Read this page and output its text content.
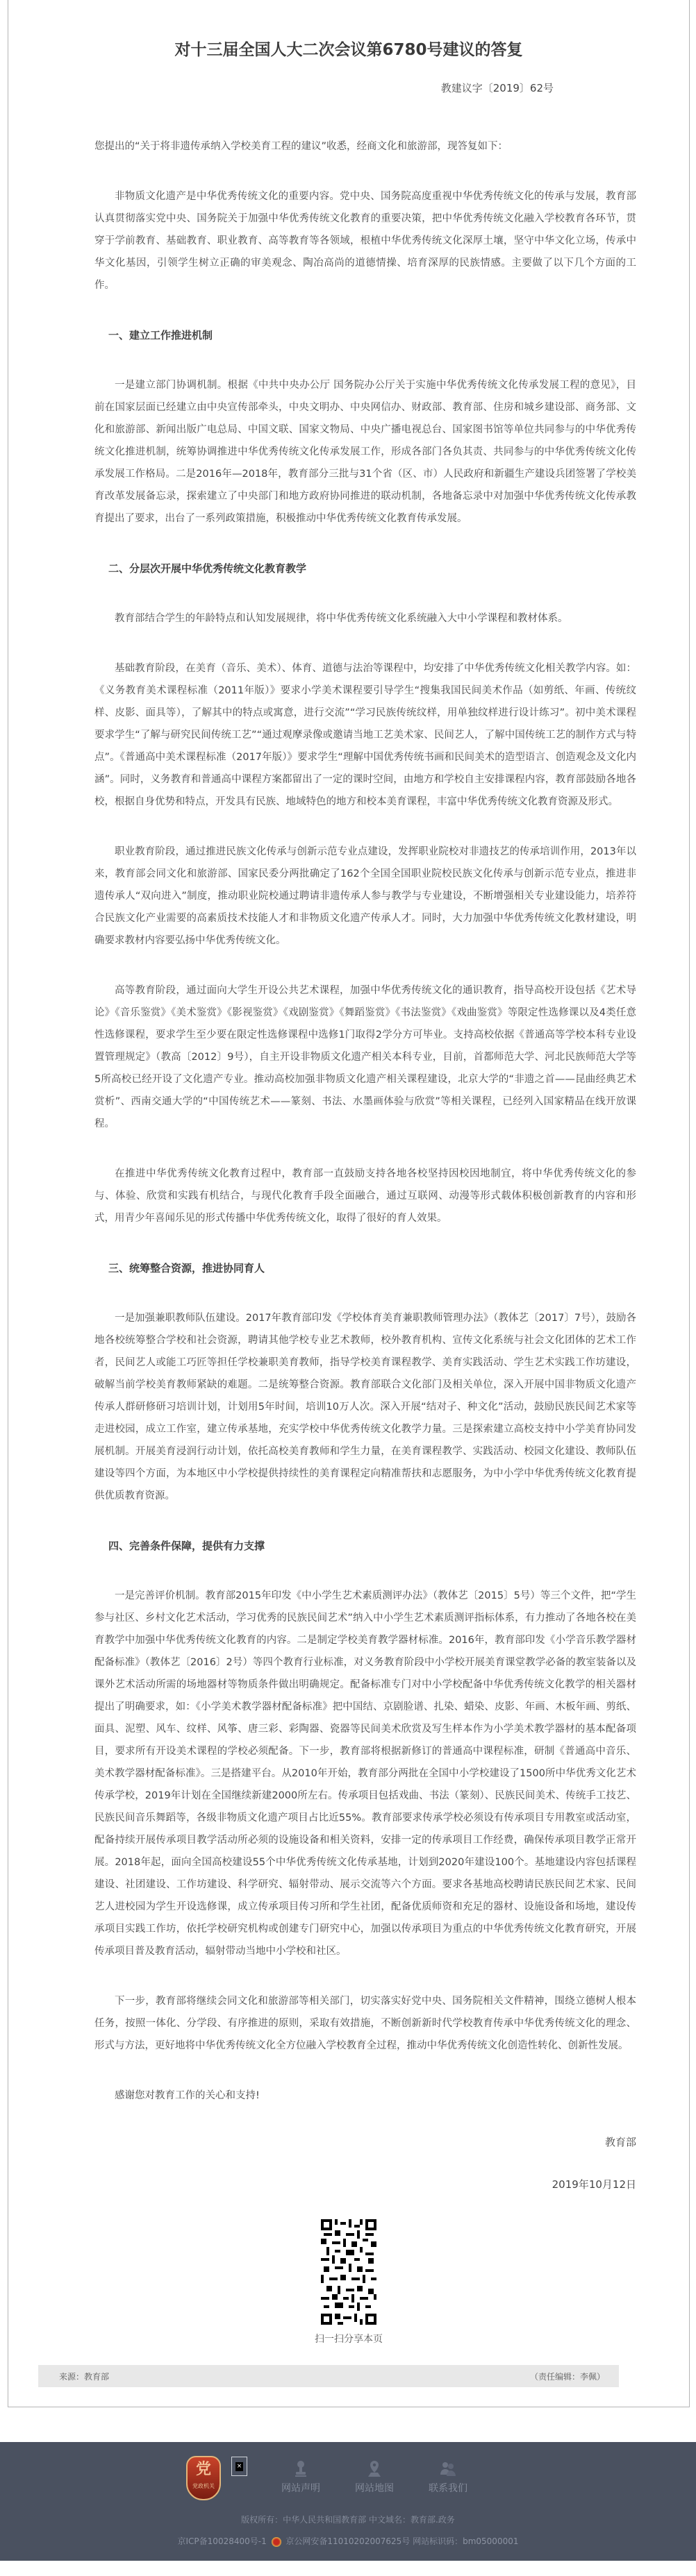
对十三届全国人大二次会议第6780号建议的答复
教建议字〔2019〕62号

您提出的“关于将非遗传承纳入学校美育工程的建议”收悉，经商文化和旅游部，现答复如下：

非物质文化遗产是中华优秀传统文化的重要内容。党中央、国务院高度重视中华优秀传统文化的传承与发展，教育部认真贯彻落实党中央、国务院关于加强中华优秀传统文化教育的重要决策，把中华优秀传统文化融入学校教育各环节，贯穿于学前教育、基础教育、职业教育、高等教育等各领域，根植中华优秀传统文化深厚土壤，坚守中华文化立场，传承中华文化基因，引领学生树立正确的审美观念、陶冶高尚的道德情操、培育深厚的民族情感。主要做了以下几个方面的工作。

一、建立工作推进机制

一是建立部门协调机制。根据《中共中央办公厅 国务院办公厅关于实施中华优秀传统文化传承发展工程的意见》，目前在国家层面已经建立由中央宣传部牵头，中央文明办、中央网信办、财政部、教育部、住房和城乡建设部、商务部、文化和旅游部、新闻出版广电总局、中国文联、国家文物局、中央广播电视总台、国家图书馆等单位共同参与的中华优秀传统文化推进机制，统筹协调推进中华优秀传统文化传承发展工作，形成各部门各负其责、共同参与的中华优秀传统文化传承发展工作格局。二是2016年—2018年，教育部分三批与31个省（区、市）人民政府和新疆生产建设兵团签署了学校美育改革发展备忘录，探索建立了中央部门和地方政府协同推进的联动机制，各地备忘录中对加强中华优秀传统文化传承教育提出了要求，出台了一系列政策措施，积极推动中华优秀传统文化教育传承发展。

二、分层次开展中华优秀传统文化教育教学

教育部结合学生的年龄特点和认知发展规律，将中华优秀传统文化系统融入大中小学课程和教材体系。

基础教育阶段，在美育（音乐、美术）、体育、道德与法治等课程中，均安排了中华优秀传统文化相关教学内容。如：《义务教育美术课程标准（2011年版）》要求小学美术课程要引导学生“搜集我国民间美术作品（如剪纸、年画、传统纹样、皮影、面具等），了解其中的特点或寓意，进行交流”“学习民族传统纹样，用单独纹样进行设计练习”。初中美术课程要求学生“了解与研究民间传统工艺”“通过观摩录像或邀请当地工艺美术家、民间艺人，了解中国传统工艺的制作方式与特点”。《普通高中美术课程标准（2017年版）》要求学生“理解中国优秀传统书画和民间美术的造型语言、创造观念及文化内涵”。同时，义务教育和普通高中课程方案都留出了一定的课时空间，由地方和学校自主安排课程内容，教育部鼓励各地各校，根据自身优势和特点，开发具有民族、地域特色的地方和校本美育课程，丰富中华优秀传统文化教育资源及形式。

职业教育阶段，通过推进民族文化传承与创新示范专业点建设，发挥职业院校对非遗技艺的传承培训作用，2013年以来，教育部会同文化和旅游部、国家民委分两批确定了162个全国全国职业院校民族文化传承与创新示范专业点，推进非遗传承人“双向进入”制度，推动职业院校通过聘请非遗传承人参与教学与专业建设，不断增强相关专业建设能力，培养符合民族文化产业需要的高素质技术技能人才和非物质文化遗产传承人才。同时，大力加强中华优秀传统文化教材建设，明确要求教材内容要弘扬中华优秀传统文化。

高等教育阶段，通过面向大学生开设公共艺术课程，加强中华优秀传统文化的通识教育，指导高校开设包括《艺术导论》《音乐鉴赏》《美术鉴赏》《影视鉴赏》《戏剧鉴赏》《舞蹈鉴赏》《书法鉴赏》《戏曲鉴赏》等限定性选修课以及4类任意性选修课程，要求学生至少要在限定性选修课程中选修1门取得2学分方可毕业。支持高校依据《普通高等学校本科专业设置管理规定》（教高〔2012〕9号），自主开设非物质文化遗产相关本科专业，目前，首都师范大学、河北民族师范大学等5所高校已经开设了文化遗产专业。推动高校加强非物质文化遗产相关课程建设，北京大学的“非遗之首——昆曲经典艺术赏析”、西南交通大学的“中国传统艺术——篆刻、书法、水墨画体验与欣赏”等相关课程，已经列入国家精品在线开放课程。

在推进中华优秀传统文化教育过程中，教育部一直鼓励支持各地各校坚持因校因地制宜，将中华优秀传统文化的参与、体验、欣赏和实践有机结合，与现代化教育手段全面融合，通过互联网、动漫等形式载体积极创新教育的内容和形式，用青少年喜闻乐见的形式传播中华优秀传统文化，取得了很好的育人效果。

三、统筹整合资源，推进协同育人

一是加强兼职教师队伍建设。2017年教育部印发《学校体育美育兼职教师管理办法》（教体艺〔2017〕7号），鼓励各地各校统筹整合学校和社会资源，聘请其他学校专业艺术教师，校外教育机构、宣传文化系统与社会文化团体的艺术工作者，民间艺人或能工巧匠等担任学校兼职美育教师，指导学校美育课程教学、美育实践活动、学生艺术实践工作坊建设，破解当前学校美育教师紧缺的难题。二是统筹整合资源。教育部联合文化部门及相关单位，深入开展中国非物质文化遗产传承人群研修研习培训计划，计划用5年时间，培训10万人次。深入开展“结对子、种文化”活动，鼓励民族民间艺术家等走进校园，成立工作室，建立传承基地，充实学校中华优秀传统文化教学力量。三是探索建立高校支持中小学美育协同发展机制。开展美育浸润行动计划，依托高校美育教师和学生力量，在美育课程教学、实践活动、校园文化建设、教师队伍建设等四个方面，为本地区中小学校提供持续性的美育课程定向精准帮扶和志愿服务，为中小学中华优秀传统文化教育提供优质教育资源。

四、完善条件保障，提供有力支撑

一是完善评价机制。教育部2015年印发《中小学生艺术素质测评办法》（教体艺〔2015〕5号）等三个文件，把“学生参与社区、乡村文化艺术活动，学习优秀的民族民间艺术”纳入中小学生艺术素质测评指标体系，有力推动了各地各校在美育教学中加强中华优秀传统文化教育的内容。二是制定学校美育教学器材标准。2016年，教育部印发《小学音乐教学器材配备标准》（教体艺〔2016〕2号）等四个教育行业标准，对义务教育阶段中小学校开展美育课堂教学必备的教室装备以及课外艺术活动所需的场地器材等物质条件做出明确规定。配备标准专门对中小学校配备中华优秀传统文化教学的相关器材提出了明确要求，如：《小学美术教学器材配备标准》把中国结、京剧脸谱、扎染、蜡染、皮影、年画、木板年画、剪纸、面具、泥塑、风车、纹样、风筝、唐三彩、彩陶器、瓷器等民间美术欣赏及写生样本作为小学美术教学器材的基本配备项目，要求所有开设美术课程的学校必须配备。下一步，教育部将根据新修订的普通高中课程标准，研制《普通高中音乐、美术教学器材配备标准》。三是搭建平台。从2010年开始，教育部分两批在全国中小学校建设了1500所中华优秀文化艺术传承学校，2019年计划在全国继续新建2000所左右。传承项目包括戏曲、书法（篆刻）、民族民间美术、传统手工技艺、民族民间音乐舞蹈等，各级非物质文化遗产项目占比近55%。教育部要求传承学校必须设有传承项目专用教室或活动室，配备持续开展传承项目教学活动所必须的设施设备和相关资料，安排一定的传承项目工作经费，确保传承项目教学正常开展。2018年起，面向全国高校建设55个中华优秀传统文化传承基地，计划到2020年建设100个。基地建设内容包括课程建设、社团建设、工作坊建设、科学研究、辐射带动、展示交流等六个方面。要求各基地高校聘请民族民间艺术家、民间艺人进校园为学生开设选修课，成立传承项目传习所和学生社团，配备优质师资和充足的器材、设施设备和场地，建设传承项目实践工作坊，依托学校研究机构或创建专门研究中心，加强以传承项目为重点的中华优秀传统文化教育研究，开展传承项目普及教育活动，辐射带动当地中小学校和社区。

下一步，教育部将继续会同文化和旅游部等相关部门，切实落实好党中央、国务院相关文件精神，围绕立德树人根本任务，按照一体化、分学段、有序推进的原则，采取有效措施，不断创新新时代学校教育传承中华优秀传统文化的理念、形式与方法，更好地将中华优秀传统文化全方位融入学校教育全过程，推动中华优秀传统文化创造性转化、创新性发展。

感谢您对教育工作的关心和支持!

教育部
2019年10月12日
扫一扫分享本页
来源：教育部	（责任编辑：李佩）
党
党政机关
×
网站声明	网站地图	联系我们
版权所有：中华人民共和国教育部 中文域名：教育部.政务
京ICP备10028400号-1 京公网安备11010202007625号 网站标识码：bm05000001
